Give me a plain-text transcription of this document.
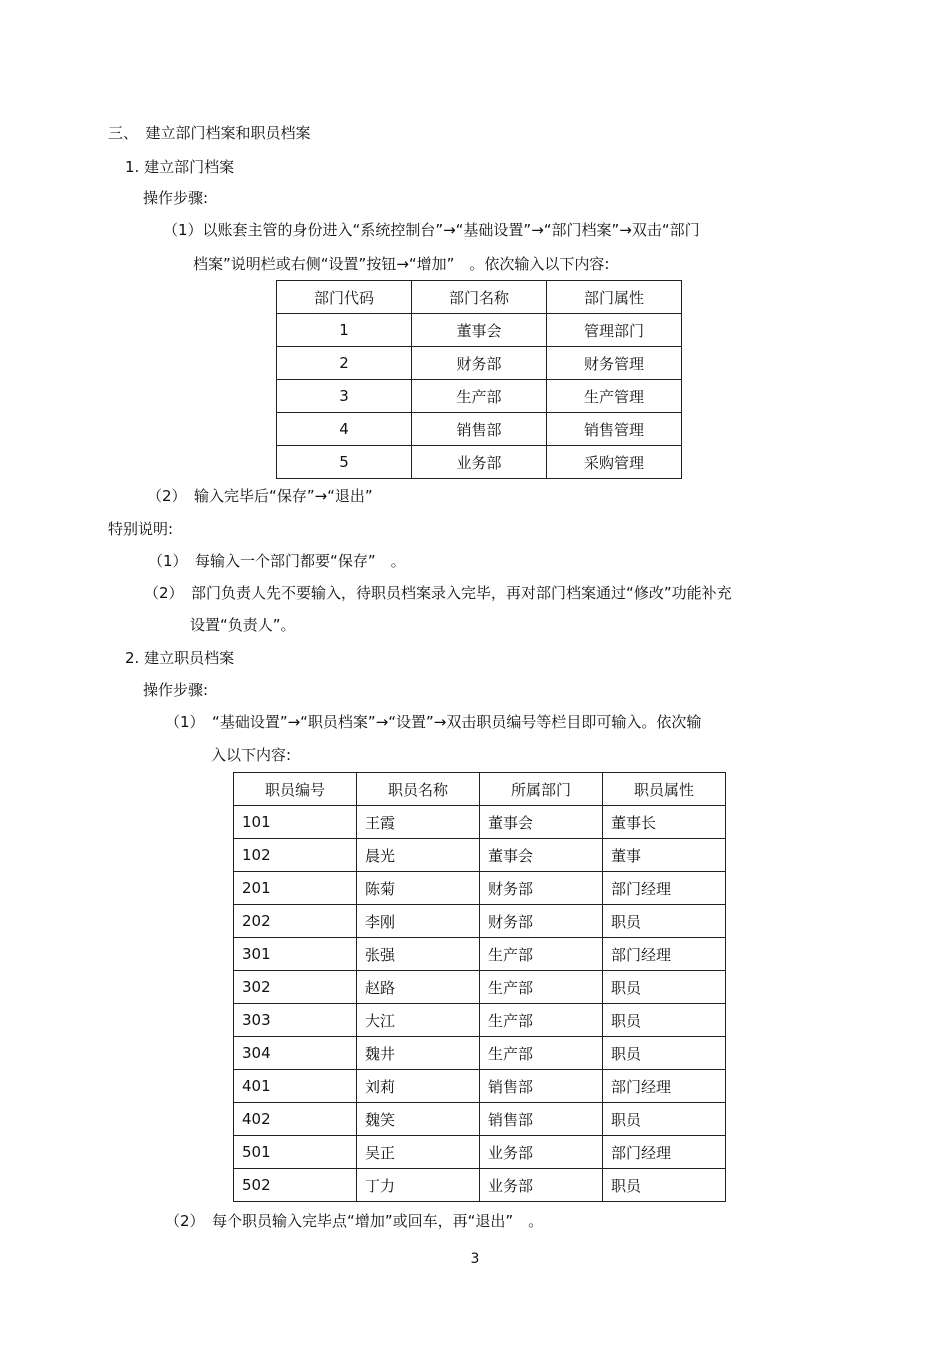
三、　建立部门档案和职员档案
1. 建立部门档案
操作步骤:
（1）以账套主管的身份进入“系统控制台”→“基础设置”→“部门档案”→双击“部门
档案”说明栏或右侧“设置”按钮→“增加”　。依次输入以下内容:
部门代码	部门名称	部门属性
1	董事会	管理部门
2	财务部	财务管理
3	生产部	生产管理
4	销售部	销售管理
5	业务部	采购管理
（2）　输入完毕后“保存”→“退出”
特别说明:
（1）　每输入一个部门都要“保存”　。
（2）　部门负责人先不要输入，待职员档案录入完毕，再对部门档案通过“修改”功能补充
设置“负责人”。
2. 建立职员档案
操作步骤:
（1）　“基础设置”→“职员档案”→“设置”→双击职员编号等栏目即可输入。依次输
入以下内容:
职员编号	职员名称	所属部门	职员属性
101	王霞	董事会	董事长
102	晨光	董事会	董事
201	陈菊	财务部	部门经理
202	李刚	财务部	职员
301	张强	生产部	部门经理
302	赵路	生产部	职员
303	大江	生产部	职员
304	魏井	生产部	职员
401	刘莉	销售部	部门经理
402	魏笑	销售部	职员
501	吴正	业务部	部门经理
502	丁力	业务部	职员
（2）　每个职员输入完毕点“增加”或回车，再“退出”　。
3
